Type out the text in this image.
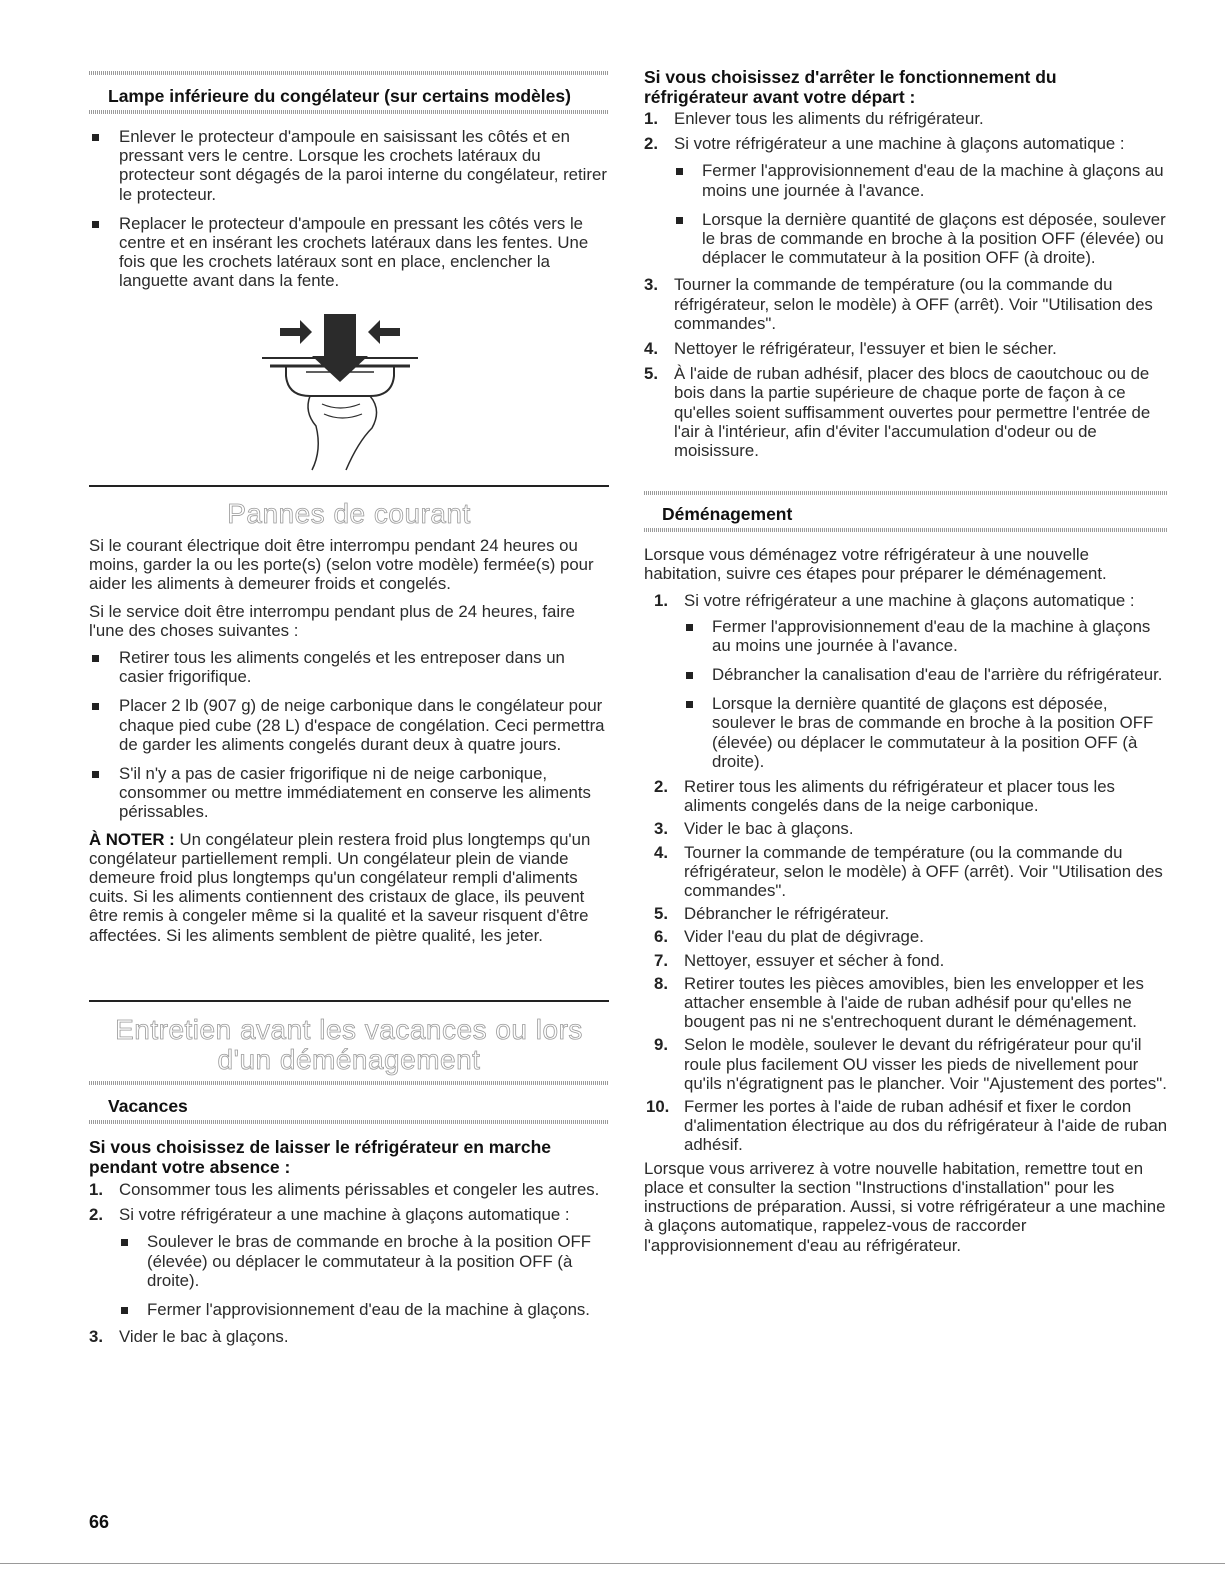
Lampe inférieure du congélateur (sur certains modèles)

Enlever le protecteur d'ampoule en saisissant les côtés et en pressant vers le centre. Lorsque les crochets latéraux du protecteur sont dégagés de la paroi interne du congélateur, retirer le protecteur.

Replacer le protecteur d'ampoule en pressant les côtés vers le centre et en insérant les crochets latéraux dans les fentes. Une fois que les crochets latéraux sont en place, enclencher la languette avant dans la fente.

Pannes de courant

Si le courant électrique doit être interrompu pendant 24 heures ou moins, garder la ou les porte(s) (selon votre modèle) fermée(s) pour aider les aliments à demeurer froids et congelés.

Si le service doit être interrompu pendant plus de 24 heures, faire l'une des choses suivantes :

Retirer tous les aliments congelés et les entreposer dans un casier frigorifique.

Placer 2 lb (907 g) de neige carbonique dans le congélateur pour chaque pied cube (28 L) d'espace de congélation. Ceci permettra de garder les aliments congelés durant deux à quatre jours.

S'il n'y a pas de casier frigorifique ni de neige carbonique, consommer ou mettre immédiatement en conserve les aliments périssables.

À NOTER : Un congélateur plein restera froid plus longtemps qu'un congélateur partiellement rempli. Un congélateur plein de viande demeure froid plus longtemps qu'un congélateur rempli d'aliments cuits. Si les aliments contiennent des cristaux de glace, ils peuvent être remis à congeler même si la qualité et la saveur risquent d'être affectées. Si les aliments semblent de piètre qualité, les jeter.

Entretien avant les vacances ou lors
d'un déménagement
Vacances
Si vous choisissez de laisser le réfrigérateur en marche pendant votre absence :
1. Consommer tous les aliments périssables et congeler les autres.

2. Si votre réfrigérateur a une machine à glaçons automatique :

Soulever le bras de commande en broche à la position OFF (élevée) ou déplacer le commutateur à la position OFF (à droite).

Fermer l'approvisionnement d'eau de la machine à glaçons.

3. Vider le bac à glaçons.

66
Si vous choisissez d'arrêter le fonctionnement du réfrigérateur avant votre départ :
1. Enlever tous les aliments du réfrigérateur.

2. Si votre réfrigérateur a une machine à glaçons automatique :

Fermer l'approvisionnement d'eau de la machine à glaçons au moins une journée à l'avance.

Lorsque la dernière quantité de glaçons est déposée, soulever le bras de commande en broche à la position OFF (élevée) ou déplacer le commutateur à la position OFF (à droite).

3. Tourner la commande de température (ou la commande du réfrigérateur, selon le modèle) à OFF (arrêt). Voir "Utilisation des commandes".

4. Nettoyer le réfrigérateur, l'essuyer et bien le sécher.

5. À l'aide de ruban adhésif, placer des blocs de caoutchouc ou de bois dans la partie supérieure de chaque porte de façon à ce qu'elles soient suffisamment ouvertes pour permettre l'entrée de l'air à l'intérieur, afin d'éviter l'accumulation d'odeur ou de moisissure.

Déménagement

Lorsque vous déménagez votre réfrigérateur à une nouvelle habitation, suivre ces étapes pour préparer le déménagement.

1. Si votre réfrigérateur a une machine à glaçons automatique :

Fermer l'approvisionnement d'eau de la machine à glaçons au moins une journée à l'avance.

Débrancher la canalisation d'eau de l'arrière du réfrigérateur.

Lorsque la dernière quantité de glaçons est déposée, soulever le bras de commande en broche à la position OFF (élevée) ou déplacer le commutateur à la position OFF (à droite).

2. Retirer tous les aliments du réfrigérateur et placer tous les aliments congelés dans de la neige carbonique.

3. Vider le bac à glaçons.

4. Tourner la commande de température (ou la commande du réfrigérateur, selon le modèle) à OFF (arrêt). Voir "Utilisation des commandes".

5. Débrancher le réfrigérateur.

6. Vider l'eau du plat de dégivrage.

7. Nettoyer, essuyer et sécher à fond.

8. Retirer toutes les pièces amovibles, bien les envelopper et les attacher ensemble à l'aide de ruban adhésif pour qu'elles ne bougent pas ni ne s'entrechoquent durant le déménagement.

9. Selon le modèle, soulever le devant du réfrigérateur pour qu'il roule plus facilement OU visser les pieds de nivellement pour qu'ils n'égratignent pas le plancher. Voir "Ajustement des portes".

10. Fermer les portes à l'aide de ruban adhésif et fixer le cordon d'alimentation électrique au dos du réfrigérateur à l'aide de ruban adhésif.

Lorsque vous arriverez à votre nouvelle habitation, remettre tout en place et consulter la section "Instructions d'installation" pour les instructions de préparation. Aussi, si votre réfrigérateur a une machine à glaçons automatique, rappelez-vous de raccorder l'approvisionnement d'eau au réfrigérateur.
